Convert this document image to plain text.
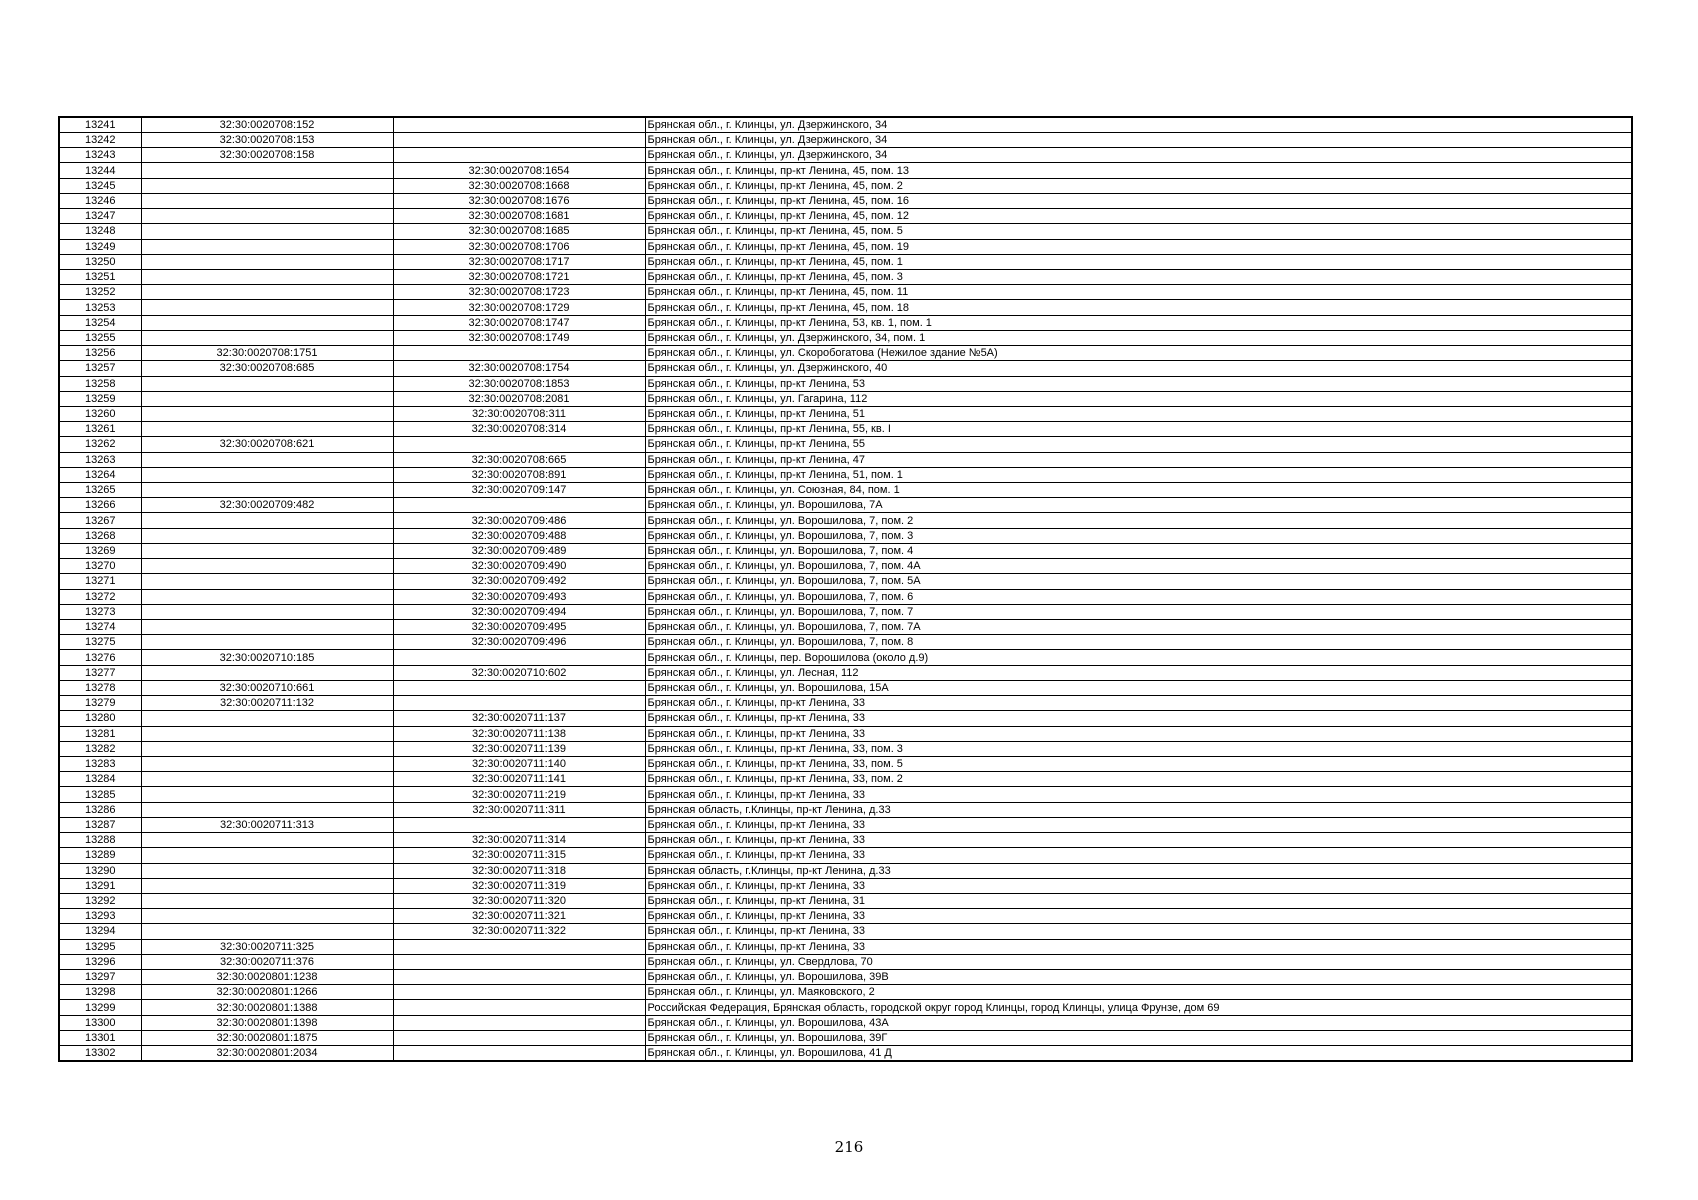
13241	32:30:0020708:152		Брянская обл., г. Клинцы, ул. Дзержинского, 34
13242	32:30:0020708:153		Брянская обл., г. Клинцы, ул. Дзержинского, 34
13243	32:30:0020708:158		Брянская обл., г. Клинцы, ул. Дзержинского, 34
13244		32:30:0020708:1654	Брянская обл., г. Клинцы, пр-кт Ленина, 45, пом. 13
13245		32:30:0020708:1668	Брянская обл., г. Клинцы, пр-кт Ленина, 45, пом. 2
13246		32:30:0020708:1676	Брянская обл., г. Клинцы, пр-кт Ленина, 45, пом. 16
13247		32:30:0020708:1681	Брянская обл., г. Клинцы, пр-кт Ленина, 45, пом. 12
13248		32:30:0020708:1685	Брянская обл., г. Клинцы, пр-кт Ленина, 45, пом. 5
13249		32:30:0020708:1706	Брянская обл., г. Клинцы, пр-кт Ленина, 45, пом. 19
13250		32:30:0020708:1717	Брянская обл., г. Клинцы, пр-кт Ленина, 45, пом. 1
13251		32:30:0020708:1721	Брянская обл., г. Клинцы, пр-кт Ленина, 45, пом. 3
13252		32:30:0020708:1723	Брянская обл., г. Клинцы, пр-кт Ленина, 45, пом. 11
13253		32:30:0020708:1729	Брянская обл., г. Клинцы, пр-кт Ленина, 45, пом. 18
13254		32:30:0020708:1747	Брянская обл., г. Клинцы, пр-кт Ленина, 53, кв. 1, пом. 1
13255		32:30:0020708:1749	Брянская обл., г. Клинцы, ул. Дзержинского, 34, пом. 1
13256	32:30:0020708:1751		Брянская обл., г. Клинцы, ул. Скоробогатова (Нежилое здание №5А)
13257	32:30:0020708:685	32:30:0020708:1754	Брянская обл., г. Клинцы, ул. Дзержинского, 40
13258		32:30:0020708:1853	Брянская обл., г. Клинцы, пр-кт Ленина, 53
13259		32:30:0020708:2081	Брянская обл., г. Клинцы, ул. Гагарина, 112
13260		32:30:0020708:311	Брянская обл., г. Клинцы, пр-кт Ленина, 51
13261		32:30:0020708:314	Брянская обл., г. Клинцы, пр-кт Ленина, 55, кв. I
13262	32:30:0020708:621		Брянская обл., г. Клинцы, пр-кт Ленина, 55
13263		32:30:0020708:665	Брянская обл., г. Клинцы, пр-кт Ленина, 47
13264		32:30:0020708:891	Брянская обл., г. Клинцы, пр-кт Ленина, 51, пом. 1
13265		32:30:0020709:147	Брянская обл., г. Клинцы, ул. Союзная, 84, пом. 1
13266	32:30:0020709:482		Брянская обл., г. Клинцы, ул. Ворошилова, 7А
13267		32:30:0020709:486	Брянская обл., г. Клинцы, ул. Ворошилова, 7, пом. 2
13268		32:30:0020709:488	Брянская обл., г. Клинцы, ул. Ворошилова, 7, пом. 3
13269		32:30:0020709:489	Брянская обл., г. Клинцы, ул. Ворошилова, 7, пом. 4
13270		32:30:0020709:490	Брянская обл., г. Клинцы, ул. Ворошилова, 7, пом. 4А
13271		32:30:0020709:492	Брянская обл., г. Клинцы, ул. Ворошилова, 7, пом. 5А
13272		32:30:0020709:493	Брянская обл., г. Клинцы, ул. Ворошилова, 7, пом. 6
13273		32:30:0020709:494	Брянская обл., г. Клинцы, ул. Ворошилова, 7, пом. 7
13274		32:30:0020709:495	Брянская обл., г. Клинцы, ул. Ворошилова, 7, пом. 7А
13275		32:30:0020709:496	Брянская обл., г. Клинцы, ул. Ворошилова, 7, пом. 8
13276	32:30:0020710:185		Брянская обл., г. Клинцы, пер. Ворошилова (около д.9)
13277		32:30:0020710:602	Брянская обл., г. Клинцы, ул. Лесная, 112
13278	32:30:0020710:661		Брянская обл., г. Клинцы, ул. Ворошилова, 15А
13279	32:30:0020711:132		Брянская обл., г. Клинцы, пр-кт Ленина, 33
13280		32:30:0020711:137	Брянская обл., г. Клинцы, пр-кт Ленина, 33
13281		32:30:0020711:138	Брянская обл., г. Клинцы, пр-кт Ленина, 33
13282		32:30:0020711:139	Брянская обл., г. Клинцы, пр-кт Ленина, 33, пом. 3
13283		32:30:0020711:140	Брянская обл., г. Клинцы, пр-кт Ленина, 33, пом. 5
13284		32:30:0020711:141	Брянская обл., г. Клинцы, пр-кт Ленина, 33, пом. 2
13285		32:30:0020711:219	Брянская обл., г. Клинцы, пр-кт Ленина, 33
13286		32:30:0020711:311	Брянская область, г.Клинцы, пр-кт Ленина, д.33
13287	32:30:0020711:313		Брянская обл., г. Клинцы, пр-кт Ленина, 33
13288		32:30:0020711:314	Брянская обл., г. Клинцы, пр-кт Ленина, 33
13289		32:30:0020711:315	Брянская обл., г. Клинцы, пр-кт Ленина, 33
13290		32:30:0020711:318	Брянская область, г.Клинцы, пр-кт Ленина, д.33
13291		32:30:0020711:319	Брянская обл., г. Клинцы, пр-кт Ленина, 33
13292		32:30:0020711:320	Брянская обл., г. Клинцы, пр-кт Ленина, 31
13293		32:30:0020711:321	Брянская обл., г. Клинцы, пр-кт Ленина, 33
13294		32:30:0020711:322	Брянская обл., г. Клинцы, пр-кт Ленина, 33
13295	32:30:0020711:325		Брянская обл., г. Клинцы, пр-кт Ленина, 33
13296	32:30:0020711:376		Брянская обл., г. Клинцы, ул. Свердлова, 70
13297	32:30:0020801:1238		Брянская обл., г. Клинцы, ул. Ворошилова, 39В
13298	32:30:0020801:1266		Брянская обл., г. Клинцы, ул. Маяковского, 2
13299	32:30:0020801:1388		Российская Федерация, Брянская область, городской округ город Клинцы, город Клинцы, улица Фрунзе, дом 69
13300	32:30:0020801:1398		Брянская обл., г. Клинцы, ул. Ворошилова, 43А
13301	32:30:0020801:1875		Брянская обл., г. Клинцы, ул. Ворошилова, 39Г
13302	32:30:0020801:2034		Брянская обл., г. Клинцы, ул. Ворошилова, 41 Д
216
